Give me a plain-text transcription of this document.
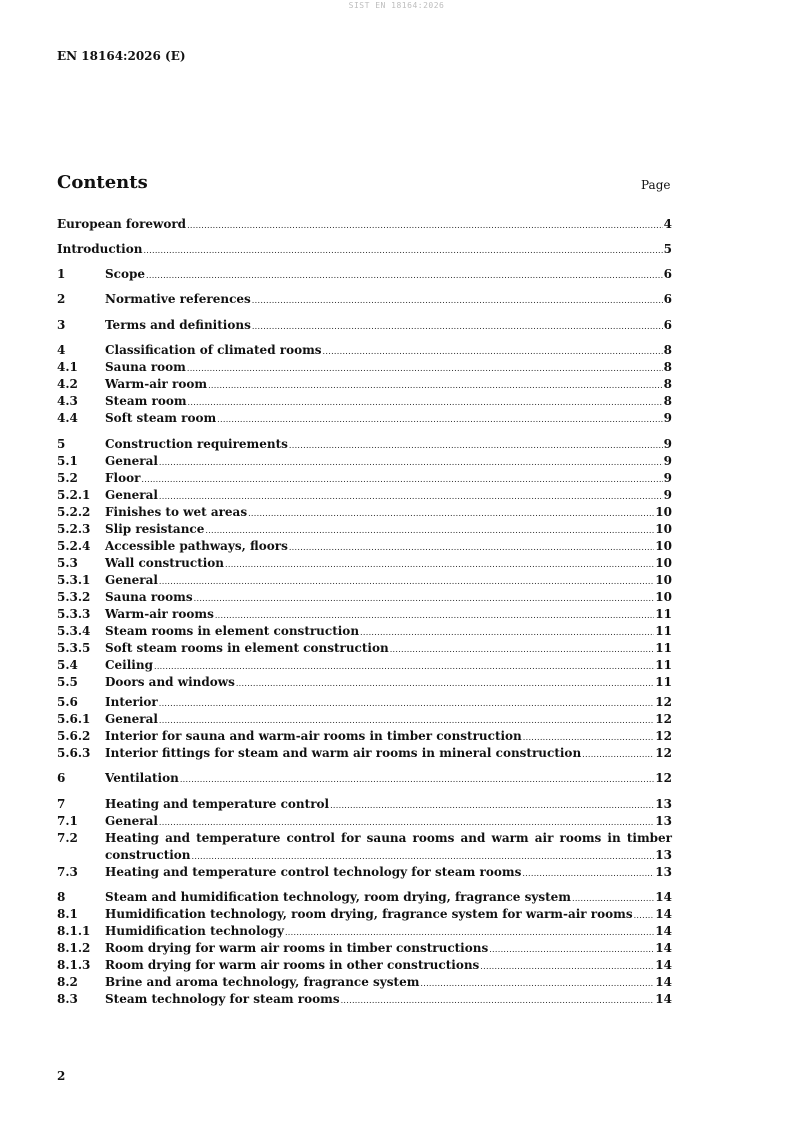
SIST EN 18164:2026
EN 18164:2026 (E)
Contents	Page
European foreword .....	4
Introduction .....	5
1	Scope .....	6
2	Normative references .....	6
3	Terms and definitions .....	6
4	Classification of climated rooms .....	8
4.1	Sauna room .....	8
4.2	Warm-air room .....	8
4.3	Steam room .....	8
4.4	Soft steam room .....	9
5	Construction requirements .....	9
5.1	General .....	9
5.2	Floor .....	9
5.2.1	General .....	9
5.2.2	Finishes to wet areas .....	10
5.2.3	Slip resistance .....	10
5.2.4	Accessible pathways, floors .....	10
5.3	Wall construction .....	10
5.3.1	General .....	10
5.3.2	Sauna rooms .....	10
5.3.3	Warm-air rooms .....	11
5.3.4	Steam rooms in element construction .....	11
5.3.5	Soft steam rooms in element construction .....	11
5.4	Ceiling .....	11
5.5	Doors and windows .....	11
5.6	Interior .....	12
5.6.1	General .....	12
5.6.2	Interior for sauna and warm-air rooms in timber construction .....	12
5.6.3	Interior fittings for steam and warm air rooms in mineral construction .....	12
6	Ventilation .....	12
7	Heating and temperature control .....	13
7.1	General .....	13
7.2	Heating and temperature control for sauna rooms and warm air rooms in timber
construction .....	13
7.3	Heating and temperature control technology for steam rooms .....	13
8	Steam and humidification technology, room drying, fragrance system .....	14
8.1	Humidification technology, room drying, fragrance system for warm-air rooms ..... 14
8.1.1	Humidification technology .....	14
8.1.2	Room drying for warm air rooms in timber constructions .....	14
8.1.3	Room drying for warm air rooms in other constructions .....	14
8.2	Brine and aroma technology, fragrance system .....	14
8.3	Steam technology for steam rooms .....	14
2
